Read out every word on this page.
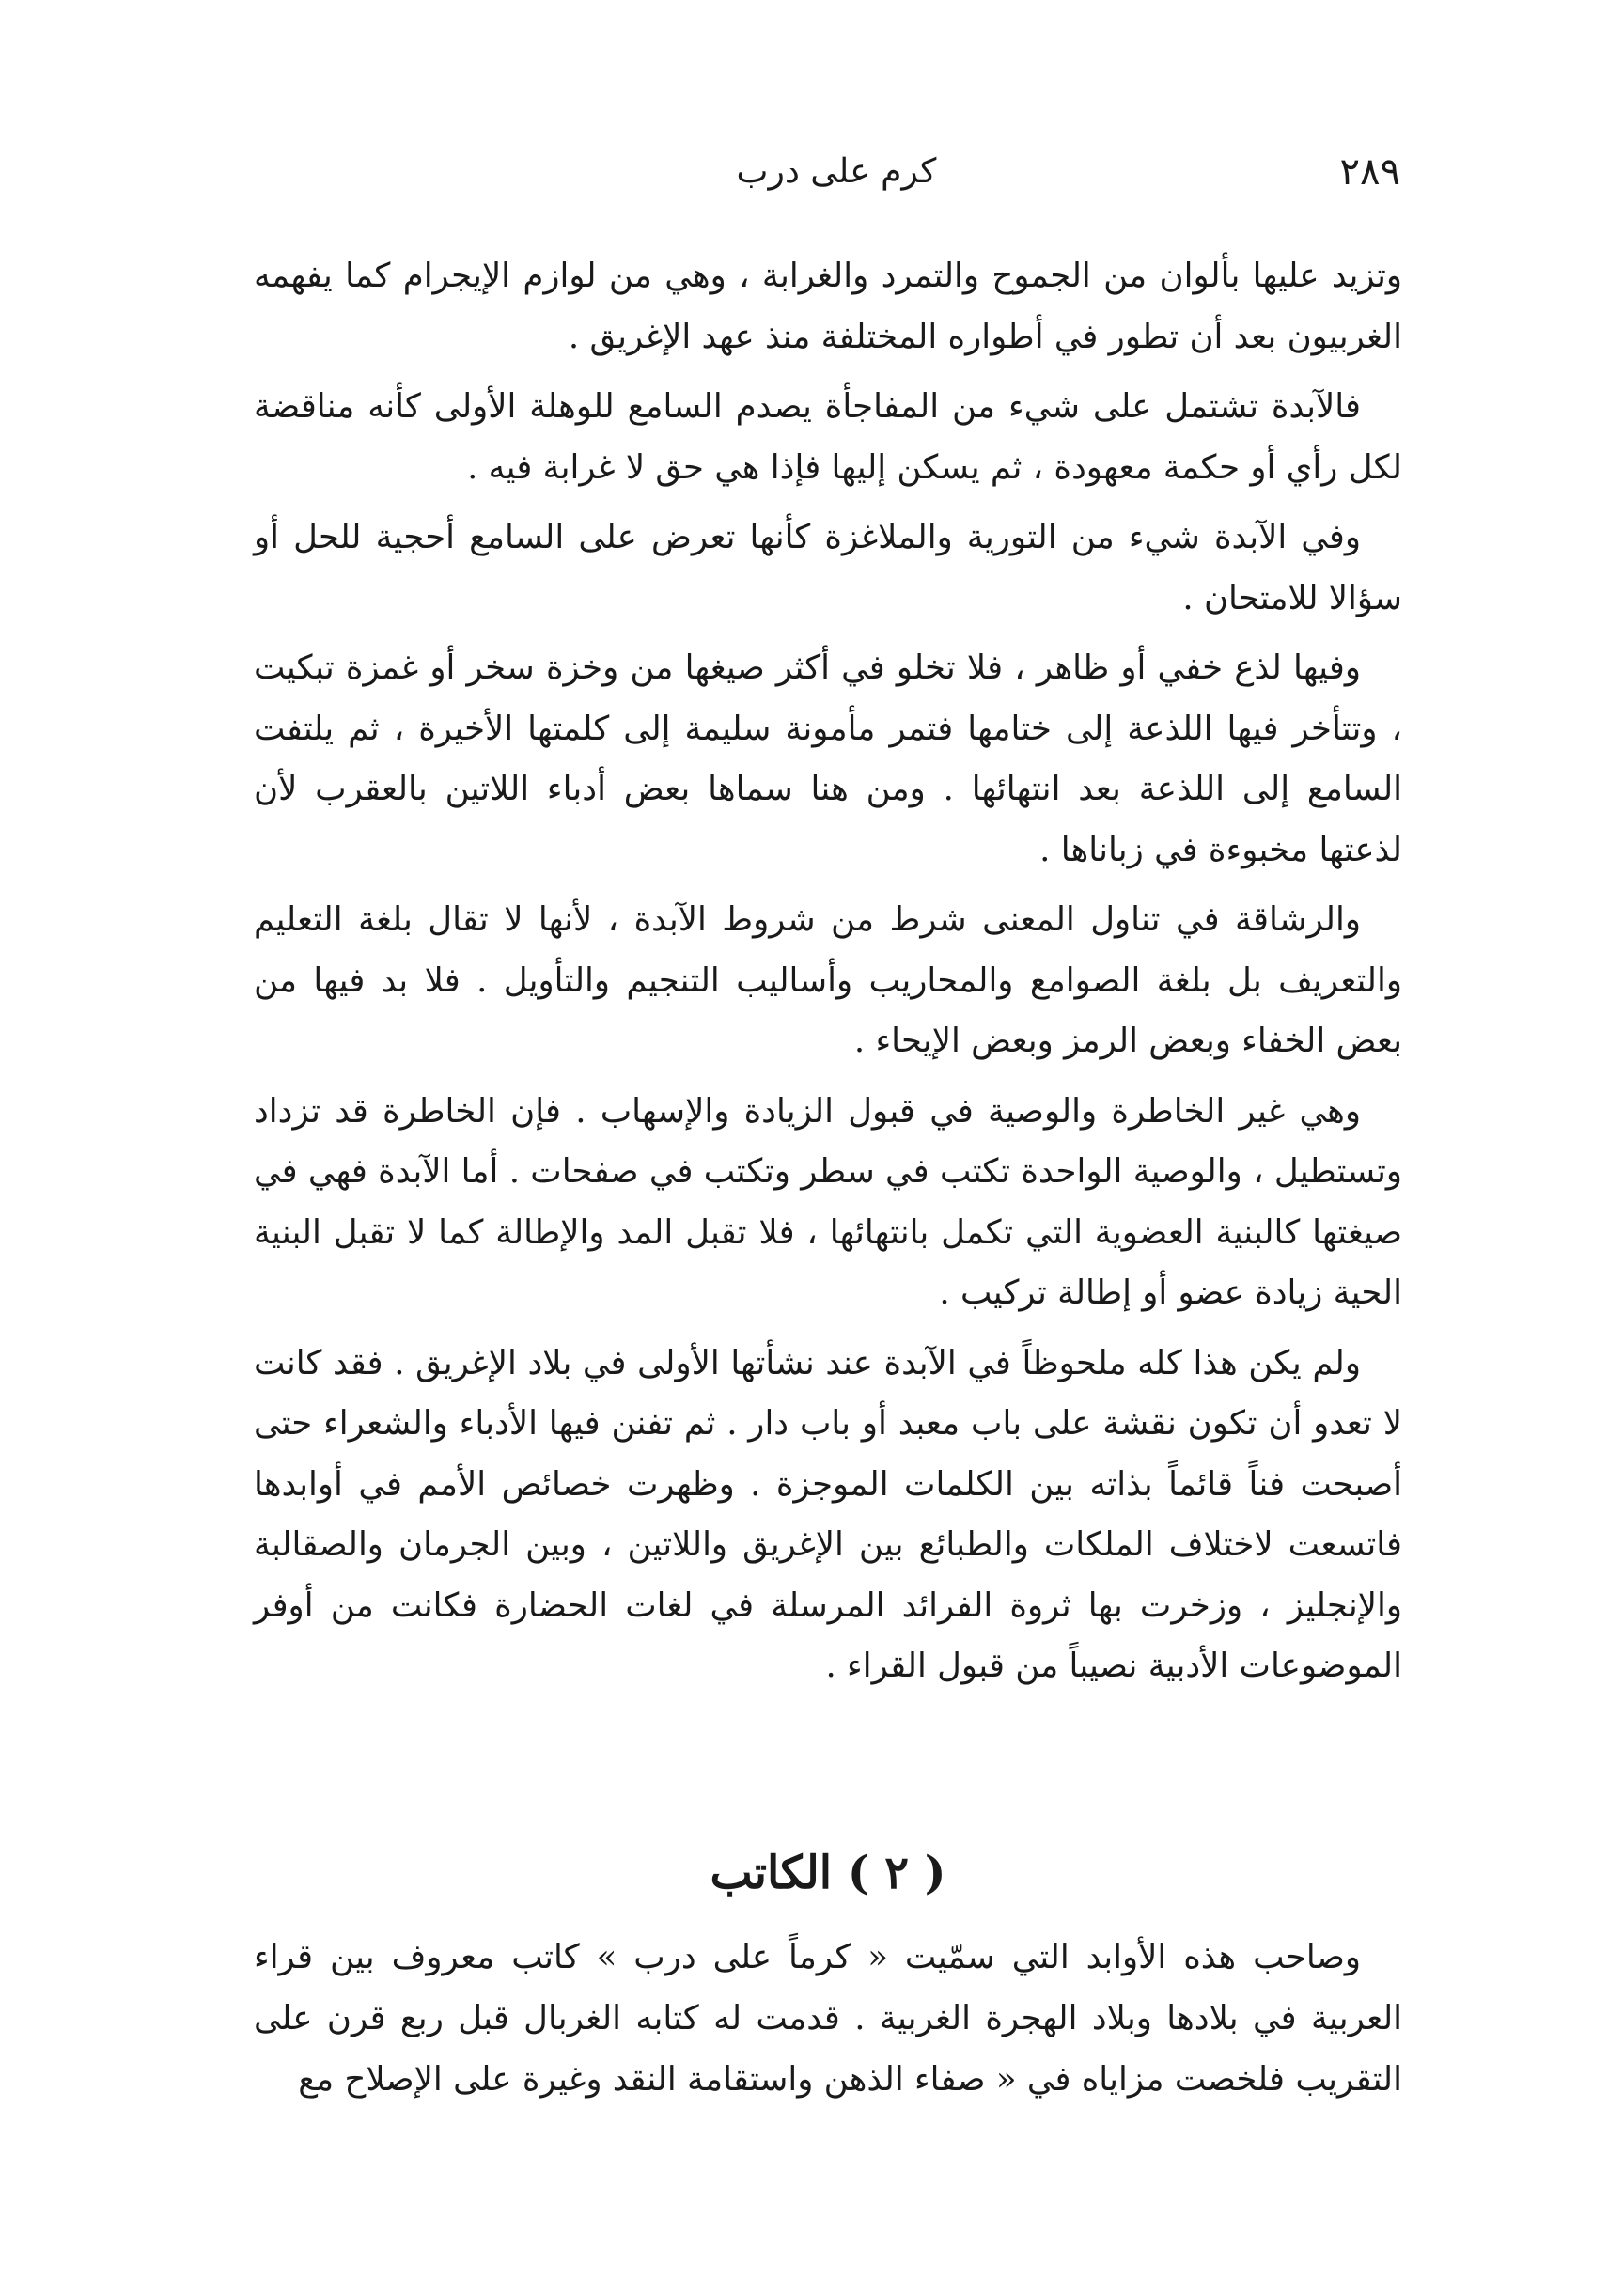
٢٨٩
كرم على درب

وتزيد عليها بألوان من الجموح والتمرد والغرابة ، وهي من لوازم الإيجرام كما يفهمه الغربيون بعد أن تطور في أطواره المختلفة منذ عهد الإغريق .

فالآبدة تشتمل على شيء من المفاجأة يصدم السامع للوهلة الأولى كأنه مناقضة لكل رأي أو حكمة معهودة ، ثم يسكن إليها فإذا هي حق لا غرابة فيه .

وفي الآبدة شيء من التورية والملاغزة كأنها تعرض على السامع أحجية للحل أو سؤالا للامتحان .

وفيها لذع خفي أو ظاهر ، فلا تخلو في أكثر صيغها من وخزة سخر أو غمزة تبكيت ، وتتأخر فيها اللذعة إلى ختامها فتمر مأمونة سليمة إلى كلمتها الأخيرة ، ثم يلتفت السامع إلى اللذعة بعد انتهائها . ومن هنا سماها بعض أدباء اللاتين بالعقرب لأن لذعتها مخبوءة في زباناها .

والرشاقة في تناول المعنى شرط من شروط الآبدة ، لأنها لا تقال بلغة التعليم والتعريف بل بلغة الصوامع والمحاريب وأساليب التنجيم والتأويل . فلا بد فيها من بعض الخفاء وبعض الرمز وبعض الإيحاء .

وهي غير الخاطرة والوصية في قبول الزيادة والإسهاب . فإن الخاطرة قد تزداد وتستطيل ، والوصية الواحدة تكتب في سطر وتكتب في صفحات . أما الآبدة فهي في صيغتها كالبنية العضوية التي تكمل بانتهائها ، فلا تقبل المد والإطالة كما لا تقبل البنية الحية زيادة عضو أو إطالة تركيب .

ولم يكن هذا كله ملحوظاً في الآبدة عند نشأتها الأولى في بلاد الإغريق . فقد كانت لا تعدو أن تكون نقشة على باب معبد أو باب دار . ثم تفنن فيها الأدباء والشعراء حتى أصبحت فناً قائماً بذاته بين الكلمات الموجزة . وظهرت خصائص الأمم في أوابدها فاتسعت لاختلاف الملكات والطبائع بين الإغريق واللاتين ، وبين الجرمان والصقالبة والإنجليز ، وزخرت بها ثروة الفرائد المرسلة في لغات الحضارة فكانت من أوفر الموضوعات الأدبية نصيباً من قبول القراء .

( ٢ ) الكاتب

وصاحب هذه الأوابد التي سمّيت « كرماً على درب » كاتب معروف بين قراء العربية في بلادها وبلاد الهجرة الغربية . قدمت له كتابه الغربال قبل ربع قرن على التقريب فلخصت مزاياه في « صفاء الذهن واستقامة النقد وغيرة على الإصلاح مع
